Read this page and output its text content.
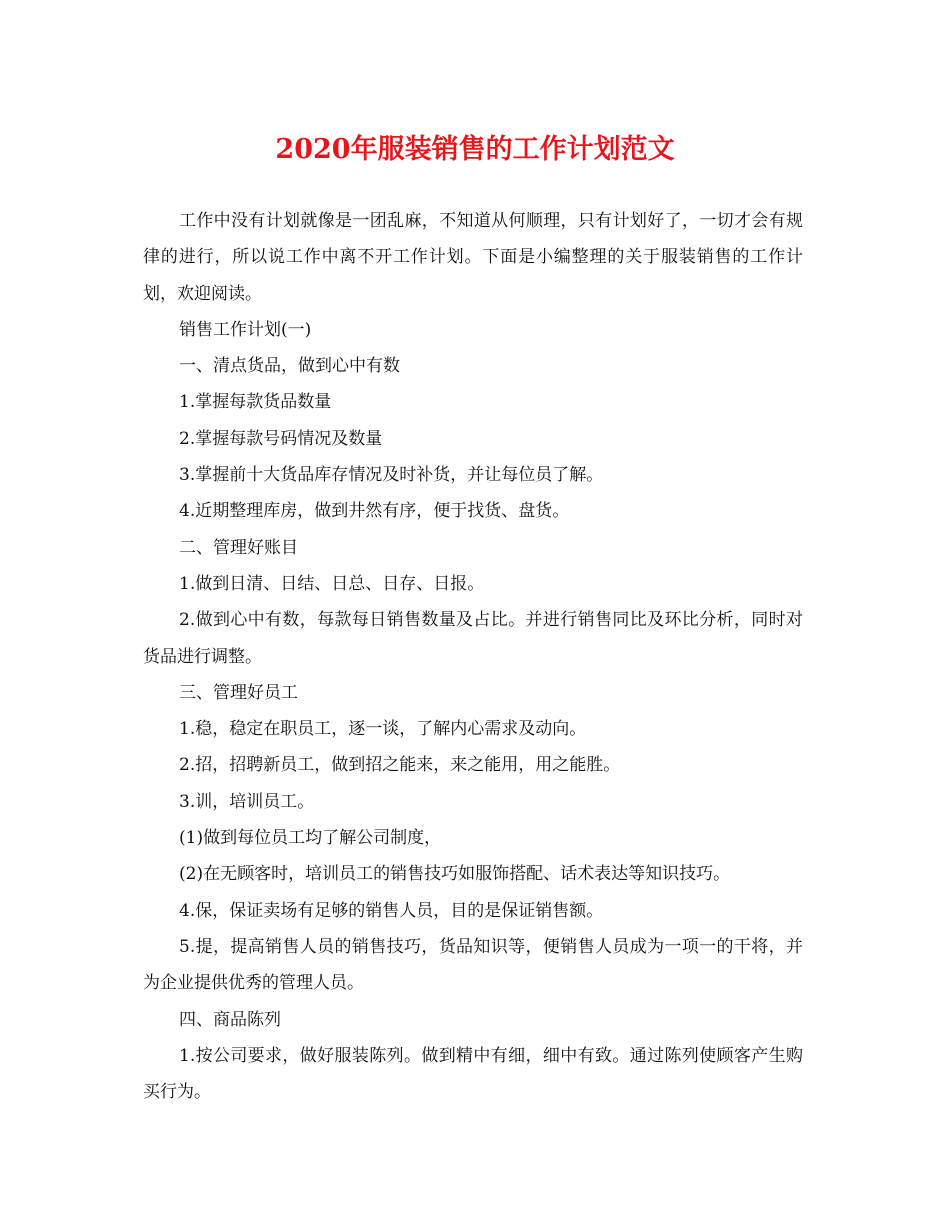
2020年服装销售的工作计划范文

工作中没有计划就像是一团乱麻，不知道从何顺理，只有计划好了，一切才会有规律的进行，所以说工作中离不开工作计划。下面是小编整理的关于服装销售的工作计划，欢迎阅读。

销售工作计划(一)

一、清点货品，做到心中有数

1.掌握每款货品数量

2.掌握每款号码情况及数量

3.掌握前十大货品库存情况及时补货，并让每位员了解。

4.近期整理库房，做到井然有序，便于找货、盘货。

二、管理好账目

1.做到日清、日结、日总、日存、日报。

2.做到心中有数，每款每日销售数量及占比。并进行销售同比及环比分析，同时对货品进行调整。

三、管理好员工

1.稳，稳定在职员工，逐一谈，了解内心需求及动向。

2.招，招聘新员工，做到招之能来，来之能用，用之能胜。

3.训，培训员工。

(1)做到每位员工均了解公司制度，

(2)在无顾客时，培训员工的销售技巧如服饰搭配、话术表达等知识技巧。

4.保，保证卖场有足够的销售人员，目的是保证销售额。

5.提，提高销售人员的销售技巧，货品知识等，便销售人员成为一项一的干将，并为企业提供优秀的管理人员。

四、商品陈列

1.按公司要求，做好服装陈列。做到精中有细，细中有致。通过陈列使顾客产生购买行为。
